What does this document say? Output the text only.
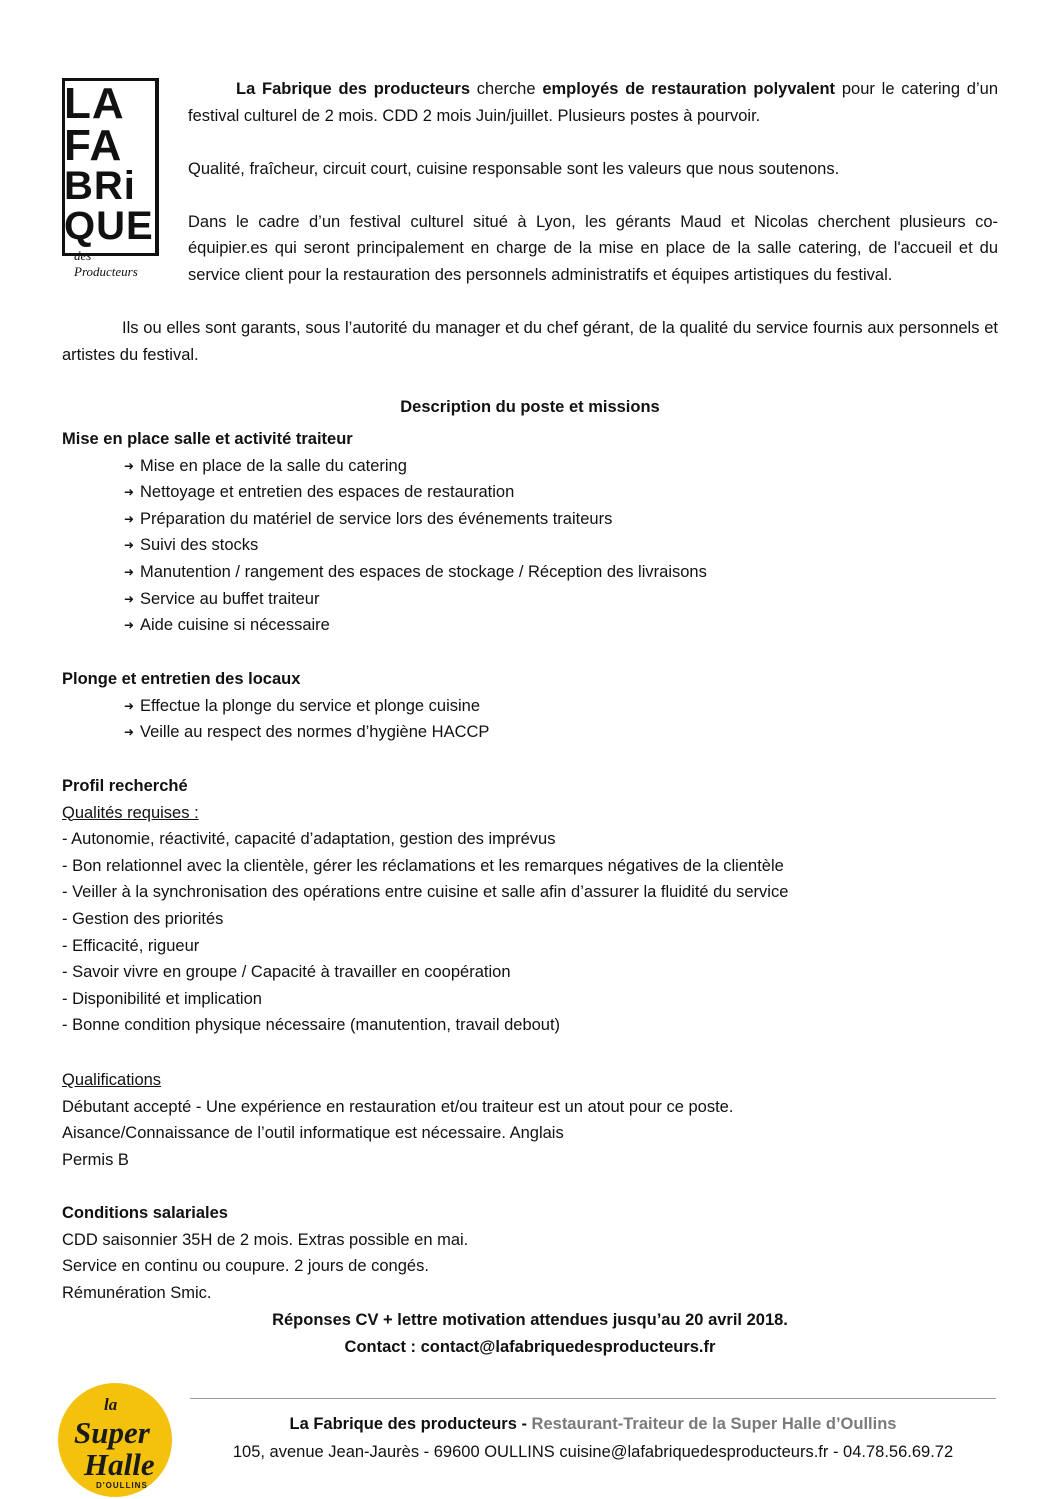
LA
FA
BRi
QUE
des Producteurs

La Fabrique des producteurs cherche employés de restauration polyvalent pour le catering d’un festival culturel de 2 mois. CDD 2 mois Juin/juillet. Plusieurs postes à pourvoir.

Qualité, fraîcheur, circuit court, cuisine responsable sont les valeurs que nous soutenons.

Dans le cadre d’un festival culturel situé à Lyon, les gérants Maud et Nicolas cherchent plusieurs co-équipier.es qui seront principalement en charge de la mise en place de la salle catering, de l'accueil et du service client pour la restauration des personnels administratifs et équipes artistiques du festival.

Ils ou elles sont garants, sous l’autorité du manager et du chef gérant, de la qualité du service fournis aux personnels et artistes du festival.

Description du poste et missions
Mise en place salle et activité traiteur
➜ Mise en place de la salle du catering
➜ Nettoyage et entretien des espaces de restauration
➜ Préparation du matériel de service lors des événements traiteurs
➜ Suivi des stocks
➜ Manutention / rangement des espaces de stockage / Réception des livraisons
➜ Service au buffet traiteur
➜ Aide cuisine si nécessaire
Plonge et entretien des locaux
➜ Effectue la plonge du service et plonge cuisine
➜ Veille au respect des normes d’hygiène HACCP
Profil recherché
Qualités requises :
- Autonomie, réactivité, capacité d’adaptation, gestion des imprévus
- Bon relationnel avec la clientèle, gérer les réclamations et les remarques négatives de la clientèle
- Veiller à la synchronisation des opérations entre cuisine et salle afin d’assurer la fluidité du service
- Gestion des priorités
- Efficacité, rigueur
- Savoir vivre en groupe / Capacité à travailler en coopération
- Disponibilité et implication
- Bonne condition physique nécessaire (manutention, travail debout)
Qualifications
Débutant accepté - Une expérience en restauration et/ou traiteur est un atout pour ce poste.
Aisance/Connaissance de l’outil informatique est nécessaire. Anglais
Permis B
Conditions salariales
CDD saisonnier 35H de 2 mois. Extras possible en mai.
Service en continu ou coupure. 2 jours de congés.
Rémunération Smic.
Réponses CV + lettre motivation attendues jusqu’au 20 avril 2018.
Contact : contact@lafabriquedesproducteurs.fr
la
Super
Halle
D'OULLINS
La Fabrique des producteurs - Restaurant-Traiteur de la Super Halle d’Oullins
105, avenue Jean-Jaurès - 69600 OULLINS cuisine@lafabriquedesproducteurs.fr - 04.78.56.69.72
